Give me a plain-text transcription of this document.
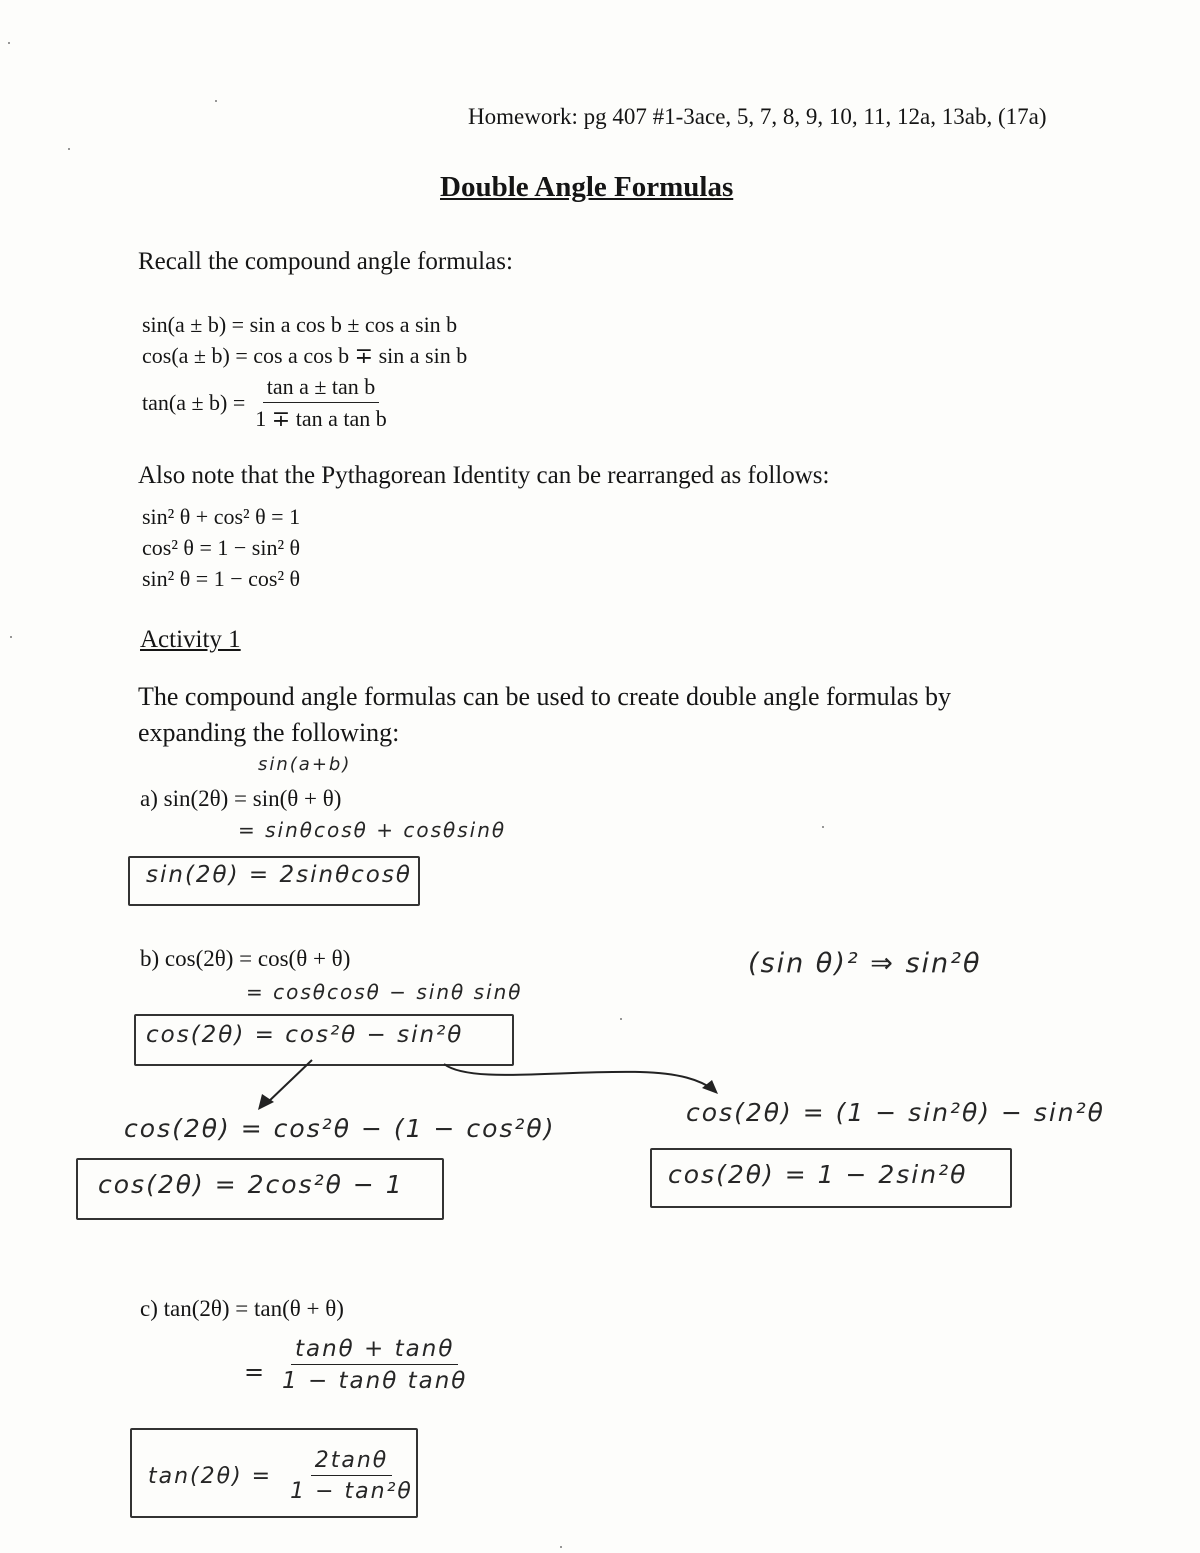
Homework: pg 407 #1-3ace, 5, 7, 8, 9, 10, 11, 12a, 13ab, (17a)
Double Angle Formulas
Recall the compound angle formulas:
sin(a ± b) = sin a cos b ± cos a sin b
cos(a ± b) = cos a cos b ∓ sin a sin b
$\tan(a \pm b) = \frac{\text{tan a ± tan b}}{\text{1 ∓ tan a tan b}}$
Also note that the Pythagorean Identity can be rearranged as follows:
sin² θ + cos² θ = 1
cos² θ = 1 − sin² θ
sin² θ = 1 − cos² θ
Activity 1
The compound angle formulas can be used to create double angle formulas by
expanding the following:
sin(a+b)
a) sin(2θ) = sin(θ + θ)
= sinθcosθ + cosθsinθ
sin(2θ) = 2sinθcosθ
b) cos(2θ) = cos(θ + θ)
= cosθcosθ − sinθ sinθ
(sin θ)² ⇒ sin²θ
cos(2θ) = cos²θ − sin²θ
cos(2θ) = cos²θ − (1 − cos²θ)
cos(2θ) = 2cos²θ − 1
cos(2θ) = (1 − sin²θ) − sin²θ
cos(2θ) = 1 − 2sin²θ
c) tan(2θ) = tan(θ + θ)
= $\frac{\tan\theta + \tan\theta}{\text{1 − tanθ tanθ}}$
$\tan(2\theta) = \frac{2\tan\theta}{\text{1 − tan²θ}}$
